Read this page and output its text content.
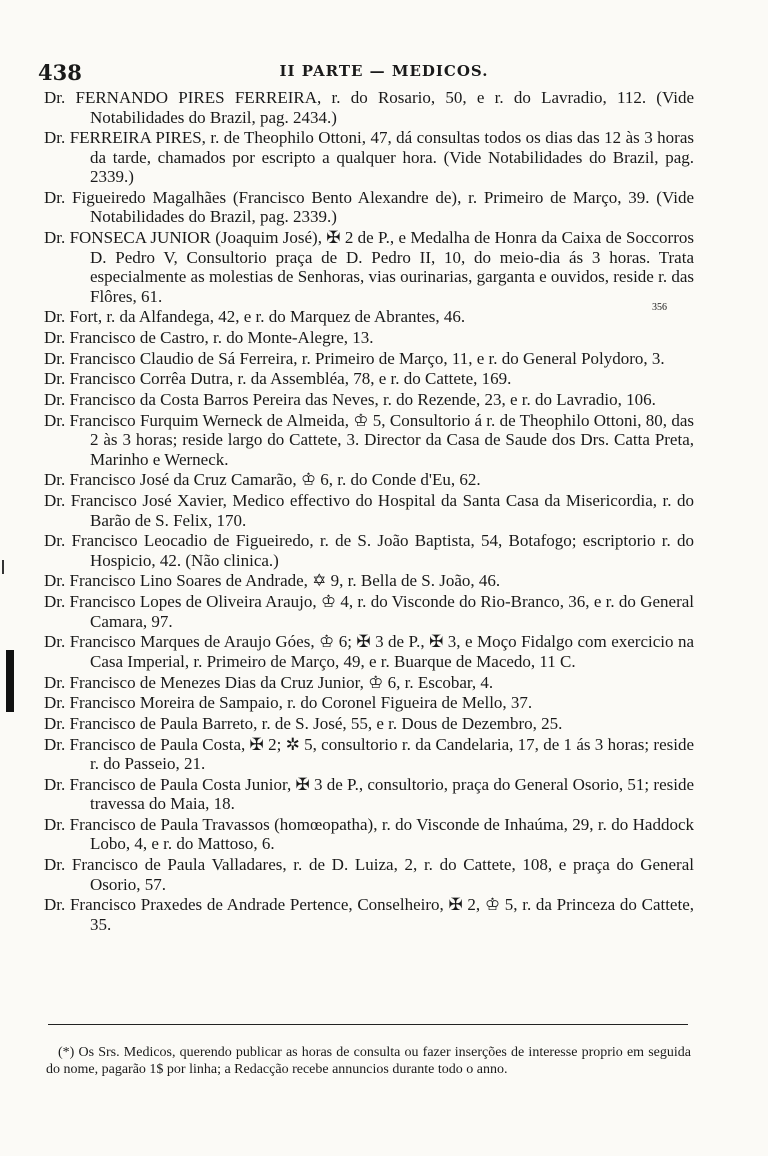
438	II PARTE — MEDICOS.

Dr. FERNANDO PIRES FERREIRA, r. do Rosario, 50, e r. do Lavradio, 112. (Vide Notabilidades do Brazil, pag. 2434.)

Dr. FERREIRA PIRES, r. de Theophilo Ottoni, 47, dá consultas todos os dias das 12 às 3 horas da tarde, chamados por escripto a qualquer hora. (Vide Notabilidades do Brazil, pag. 2339.)

Dr. Figueiredo Magalhães (Francisco Bento Alexandre de), r. Primeiro de Março, 39. (Vide Notabilidades do Brazil, pag. 2339.)

Dr. FONSECA JUNIOR (Joaquim José), ✠ 2 de P., e Medalha de Honra da Caixa de Soccorros D. Pedro V, Consultorio praça de D. Pedro II, 10, do meio-dia ás 3 horas. Trata especialmente as molestias de Senhoras, vias ourinarias, garganta e ouvidos, reside r. das Flôres, 61.

Dr. Fort, r. da Alfandega, 42, e r. do Marquez de Abrantes, 46.

Dr. Francisco de Castro, r. do Monte-Alegre, 13.

Dr. Francisco Claudio de Sá Ferreira, r. Primeiro de Março, 11, e r. do General Polydoro, 3.

Dr. Francisco Corrêa Dutra, r. da Assembléa, 78, e r. do Cattete, 169.

Dr. Francisco da Costa Barros Pereira das Neves, r. do Rezende, 23, e r. do Lavradio, 106.

Dr. Francisco Furquim Werneck de Almeida, ♔ 5, Consultorio á r. de Theophilo Ottoni, 80, das 2 às 3 horas; reside largo do Cattete, 3. Director da Casa de Saude dos Drs. Catta Preta, Marinho e Werneck.

Dr. Francisco José da Cruz Camarão, ♔ 6, r. do Conde d'Eu, 62.

Dr. Francisco José Xavier, Medico effectivo do Hospital da Santa Casa da Misericordia, r. do Barão de S. Felix, 170.

Dr. Francisco Leocadio de Figueiredo, r. de S. João Baptista, 54, Botafogo; escriptorio r. do Hospicio, 42. (Não clinica.)

Dr. Francisco Lino Soares de Andrade, ✡ 9, r. Bella de S. João, 46.

Dr. Francisco Lopes de Oliveira Araujo, ♔ 4, r. do Visconde do Rio-Branco, 36, e r. do General Camara, 97.

Dr. Francisco Marques de Araujo Góes, ♔ 6; ✠ 3 de P., ✠ 3, e Moço Fidalgo com exercicio na Casa Imperial, r. Primeiro de Março, 49, e r. Buarque de Macedo, 11 C.

Dr. Francisco de Menezes Dias da Cruz Junior, ♔ 6, r. Escobar, 4.

Dr. Francisco Moreira de Sampaio, r. do Coronel Figueira de Mello, 37.

Dr. Francisco de Paula Barreto, r. de S. José, 55, e r. Dous de Dezembro, 25.

Dr. Francisco de Paula Costa, ✠ 2; ✲ 5, consultorio r. da Candelaria, 17, de 1 ás 3 horas; reside r. do Passeio, 21.

Dr. Francisco de Paula Costa Junior, ✠ 3 de P., consultorio, praça do General Osorio, 51; reside travessa do Maia, 18.

Dr. Francisco de Paula Travassos (homœopatha), r. do Visconde de Inhaúma, 29, r. do Haddock Lobo, 4, e r. do Mattoso, 6.

Dr. Francisco de Paula Valladares, r. de D. Luiza, 2, r. do Cattete, 108, e praça do General Osorio, 57.

Dr. Francisco Praxedes de Andrade Pertence, Conselheiro, ✠ 2, ♔ 5, r. da Princeza do Cattete, 35.

356

(*) Os Srs. Medicos, querendo publicar as horas de consulta ou fazer inserções de interesse proprio em seguida do nome, pagarão 1$ por linha; a Redacção recebe annuncios durante todo o anno.
